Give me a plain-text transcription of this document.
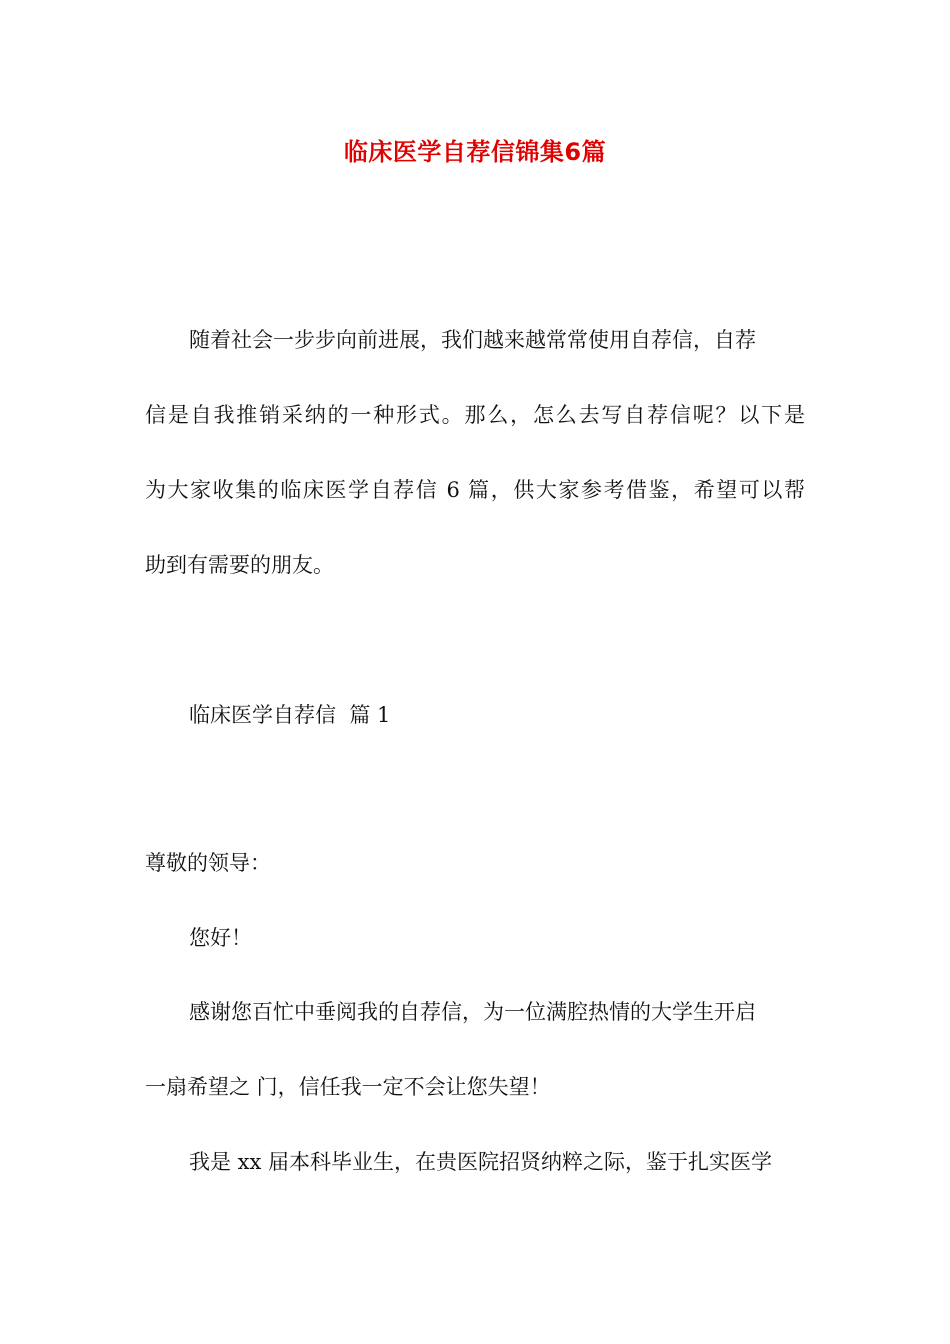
临床医学自荐信锦集6篇
随着社会一步步向前进展，我们越来越常常使用自荐信，自荐
信是自我推销采纳的一种形式。那么，怎么去写自荐信呢？以下是
为大家收集的临床医学自荐信 6 篇，供大家参考借鉴，希望可以帮
助到有需要的朋友。
临床医学自荐信  篇 1
尊敬的领导：
您好！
感谢您百忙中垂阅我的自荐信，为一位满腔热情的大学生开启
一扇希望之 门，信任我一定不会让您失望！
我是 xx 届本科毕业生，在贵医院招贤纳粹之际，鉴于扎实医学
